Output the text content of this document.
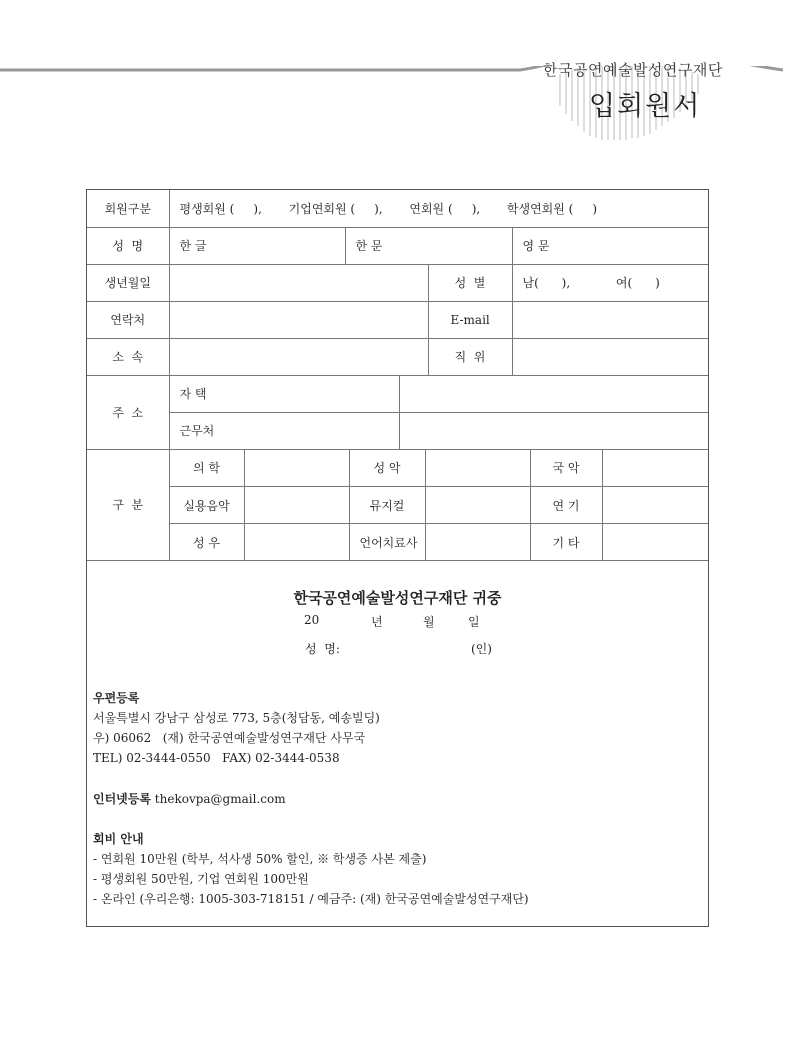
한국공연예술발성연구재단
입회원서
회원구분	평생회원 (     ),       기업연회원 (     ),       연회원 (     ),       학생연회원 (     )				
성  명	한 글	한 문			영 문
생년월일				성  별	남(      ),            여(      )
연락처				E-mail	
소  속				직  위	
주  소	자 택				
	근무처				
구  분	의 학		성 악		국 악	
	실용음악		뮤지컬		연 기	
	성 우		언어치료사		기 타	
한국공연예술발성연구재단 귀중
20	년	월	일
성  명:	(인)
우편등록
서울특별시 강남구 삼성로 773, 5층(청담동, 예송빌딩)
우) 06062   (재) 한국공연예술발성연구재단 사무국
TEL) 02-3444-0550   FAX) 02-3444-0538
인터넷등록 thekovpa@gmail.com
회비 안내
- 연회원 10만원 (학부, 석사생 50% 할인, ※ 학생증 사본 제출)
- 평생회원 50만원, 기업 연회원 100만원
- 온라인 (우리은행: 1005-303-718151 / 예금주: (재) 한국공연예술발성연구재단)
